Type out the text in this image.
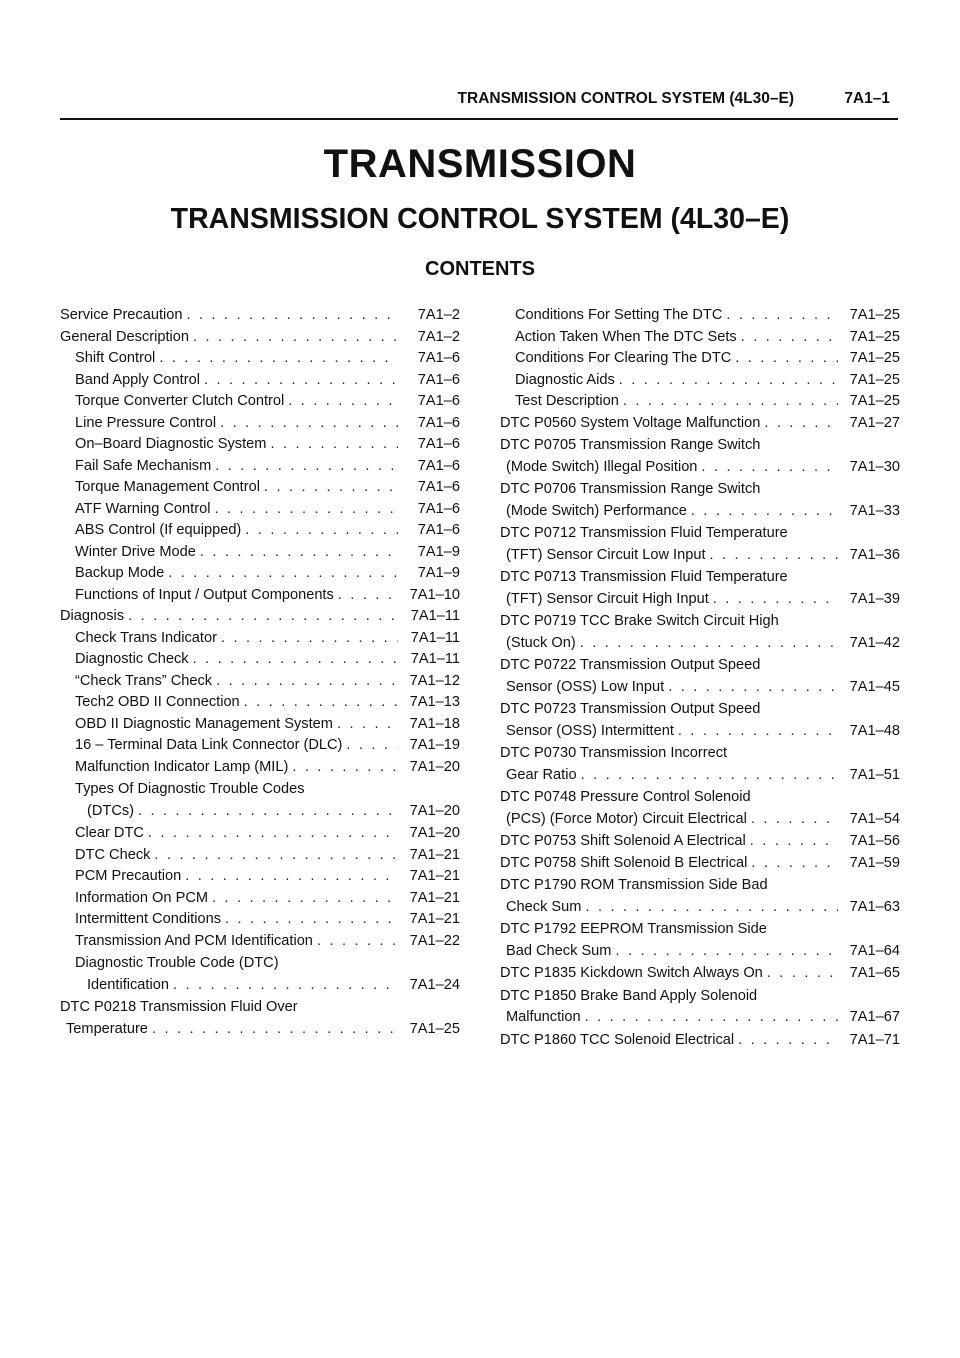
TRANSMISSION CONTROL SYSTEM (4L30–E)	7A1–1
TRANSMISSION
TRANSMISSION CONTROL SYSTEM (4L30–E)
CONTENTS
Service Precaution . . .	7A1–2
General Description . . .	7A1–2
Shift Control . . .	7A1–6
Band Apply Control . . .	7A1–6
Torque Converter Clutch Control . . .	7A1–6
Line Pressure Control . . .	7A1–6
On–Board Diagnostic System . . .	7A1–6
Fail Safe Mechanism . . .	7A1–6
Torque Management Control . . .	7A1–6
ATF Warning Control . . .	7A1–6
ABS Control (If equipped) . . .	7A1–6
Winter Drive Mode . . .	7A1–9
Backup Mode . . .	7A1–9
Functions of Input / Output Components . . .	7A1–10
Diagnosis . . .	7A1–11
Check Trans Indicator . . .	7A1–11
Diagnostic Check . . .	7A1–11
“Check Trans” Check . . .	7A1–12
Tech2 OBD II Connection . . .	7A1–13
OBD II Diagnostic Management System . . .	7A1–18
16 – Terminal Data Link Connector (DLC) . . .	7A1–19
Malfunction Indicator Lamp (MIL) . . .	7A1–20
Types Of Diagnostic Trouble Codes
(DTCs) . . .	7A1–20
Clear DTC . . .	7A1–20
DTC Check . . .	7A1–21
PCM Precaution . . .	7A1–21
Information On PCM . . .	7A1–21
Intermittent Conditions . . .	7A1–21
Transmission And PCM Identification . . .	7A1–22
Diagnostic Trouble Code (DTC)
Identification . . .	7A1–24
DTC P0218 Transmission Fluid Over
Temperature . . .	7A1–25
Conditions For Setting The DTC . . .	7A1–25
Action Taken When The DTC Sets . . .	7A1–25
Conditions For Clearing The DTC . . .	7A1–25
Diagnostic Aids . . .	7A1–25
Test Description . . .	7A1–25
DTC P0560 System Voltage Malfunction . . .	7A1–27
DTC P0705 Transmission Range Switch
(Mode Switch) Illegal Position . . .	7A1–30
DTC P0706 Transmission Range Switch
(Mode Switch) Performance . . .	7A1–33
DTC P0712 Transmission Fluid Temperature
(TFT) Sensor Circuit Low Input . . .	7A1–36
DTC P0713 Transmission Fluid Temperature
(TFT) Sensor Circuit High Input . . .	7A1–39
DTC P0719 TCC Brake Switch Circuit High
(Stuck On) . . .	7A1–42
DTC P0722 Transmission Output Speed
Sensor (OSS) Low Input . . .	7A1–45
DTC P0723 Transmission Output Speed
Sensor (OSS) Intermittent . . .	7A1–48
DTC P0730 Transmission Incorrect
Gear Ratio . . .	7A1–51
DTC P0748 Pressure Control Solenoid
(PCS) (Force Motor) Circuit Electrical . . .	7A1–54
DTC P0753 Shift Solenoid A Electrical . . .	7A1–56
DTC P0758 Shift Solenoid B Electrical . . .	7A1–59
DTC P1790 ROM Transmission Side Bad
Check Sum . . .	7A1–63
DTC P1792 EEPROM Transmission Side
Bad Check Sum . . .	7A1–64
DTC P1835 Kickdown Switch Always On . . .	7A1–65
DTC P1850 Brake Band Apply Solenoid
Malfunction . . .	7A1–67
DTC P1860 TCC Solenoid Electrical . . .	7A1–71
